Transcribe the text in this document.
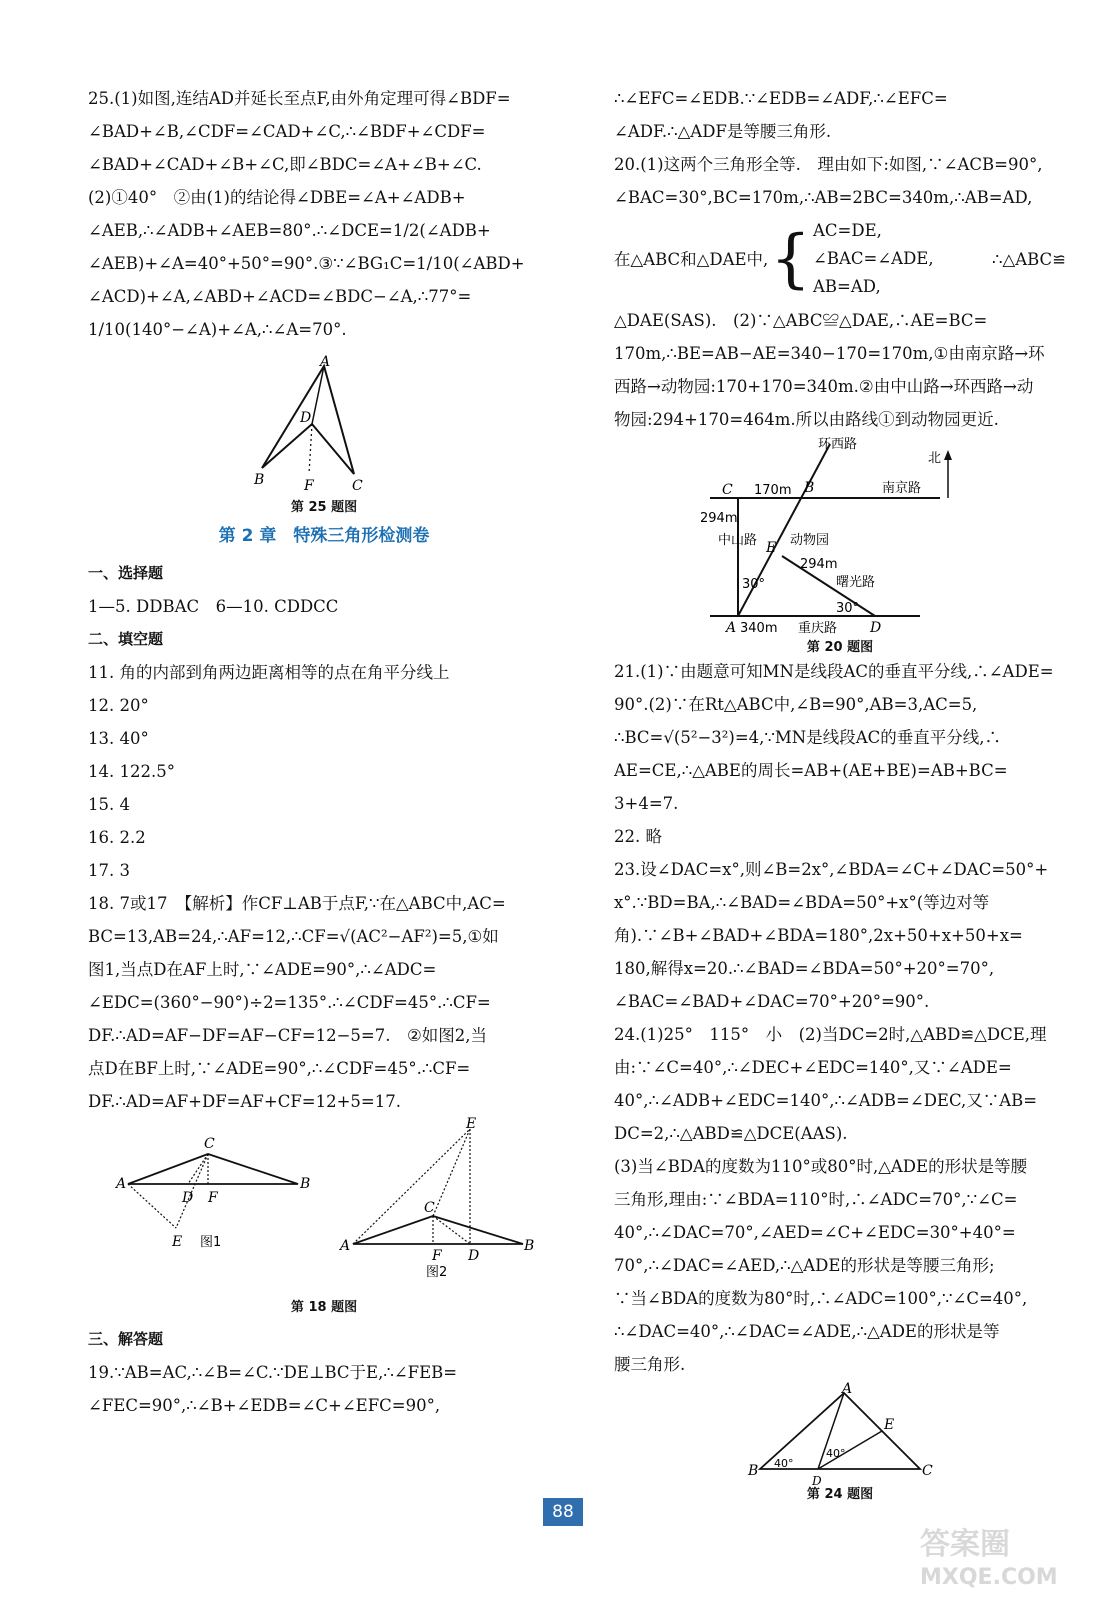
25.(1)如图,连结AD并延长至点F,由外角定理可得∠BDF=

∠BAD+∠B,∠CDF=∠CAD+∠C,∴∠BDF+∠CDF=

∠BAD+∠CAD+∠B+∠C,即∠BDC=∠A+∠B+∠C.

(2)①40°　②由(1)的结论得∠DBE=∠A+∠ADB+

∠AEB,∴∠ADB+∠AEB=80°.∴∠DCE=1/2(∠ADB+

∠AEB)+∠A=40°+50°=90°.③∵∠BG₁C=1/10(∠ABD+

∠ACD)+∠A,∠ABD+∠ACD=∠BDC−∠A,∴77°=

1/10(140°−∠A)+∠A,∴∠A=70°.

A
B
D
F	C
第 25 题图
第 2 章　特殊三角形检测卷

一、选择题

1—5. DDBAC　6—10. CDDCC

二、填空题

11. 角的内部到角两边距离相等的点在角平分线上

12. 20°

13. 40°

14. 122.5°

15. 4

16. 2.2

17. 3

18. 7或17　【解析】作CF⊥AB于点F,∵在△ABC中,AC=

BC=13,AB=24,∴AF=12,∴CF=√(AC²−AF²)=5,①如

图1,当点D在AF上时,∵∠ADE=90°,∴∠ADC=

∠EDC=(360°−90°)÷2=135°.∴∠CDF=45°.∴CF=

DF.∴AD=AF−DF=AF−CF=12−5=7.　②如图2,当

点D在BF上时,∵∠ADE=90°,∴∠CDF=45°.∴CF=

DF.∴AD=AF+DF=AF+CF=12+5=17.

A
C
B
D F
E 图1	A
C
B
F D
E
图2
第 18 题图

三、解答题

19.∵AB=AC,∴∠B=∠C.∵DE⊥BC于E,∴∠FEB=

∠FEC=90°,∴∠B+∠EDB=∠C+∠EFC=90°,

∴∠EFC=∠EDB.∵∠EDB=∠ADF,∴∠EFC=

∠ADF.∴△ADF是等腰三角形.

20.(1)这两个三角形全等.　理由如下:如图,∵∠ACB=90°,

∠BAC=30°,BC=170m,∴AB=2BC=340m,∴AB=AD,

在△ABC和△DAE中, { AC=DE,
∠BAC=∠ADE,
AB=AD,
∴△ABC≌

△DAE(SAS).　(2)∵△ABC≌△DAE,∴AE=BC=

170m,∴BE=AB−AE=340−170=170m,①由南京路→环

西路→动物园:170+170=340m.②由中山路→环西路→动

物园:294+170=464m.所以由路线①到动物园更近.

环西路
北
南京路
C	B
170m
294m
中山路 E 动物园
294m
曙光路
30°
30°
A 340m 重庆路 D
第 20 题图

21.(1)∵由题意可知MN是线段AC的垂直平分线,∴∠ADE=

90°.(2)∵在Rt△ABC中,∠B=90°,AB=3,AC=5,

∴BC=√(5²−3²)=4,∵MN是线段AC的垂直平分线,∴

AE=CE,∴△ABE的周长=AB+(AE+BE)=AB+BC=

3+4=7.

22. 略

23.设∠DAC=x°,则∠B=2x°,∠BDA=∠C+∠DAC=50°+

x°.∵BD=BA,∴∠BAD=∠BDA=50°+x°(等边对等

角).∵∠B+∠BAD+∠BDA=180°,2x+50+x+50+x=

180,解得x=20.∴∠BAD=∠BDA=50°+20°=70°,

∠BAC=∠BAD+∠DAC=70°+20°=90°.

24.(1)25°　115°　小　(2)当DC=2时,△ABD≌△DCE,理

由:∵∠C=40°,∴∠DEC+∠EDC=140°,又∵∠ADE=

40°,∴∠ADB+∠EDC=140°,∴∠ADB=∠DEC,又∵AB=

DC=2,∴△ABD≌△DCE(AAS).

(3)当∠BDA的度数为110°或80°时,△ADE的形状是等腰

三角形,理由:∵∠BDA=110°时,∴∠ADC=70°,∵∠C=

40°,∴∠DAC=70°,∠AED=∠C+∠EDC=30°+40°=

70°,∴∠DAC=∠AED,∴△ADE的形状是等腰三角形;

∵当∠BDA的度数为80°时,∴∠ADC=100°,∵∠C=40°,

∴∠DAC=40°,∴∠DAC=∠ADE,∴△ADE的形状是等

腰三角形.

A
B	C
D
E
40°
40°
第 24 题图
88
答案圈
MXQE.COM
